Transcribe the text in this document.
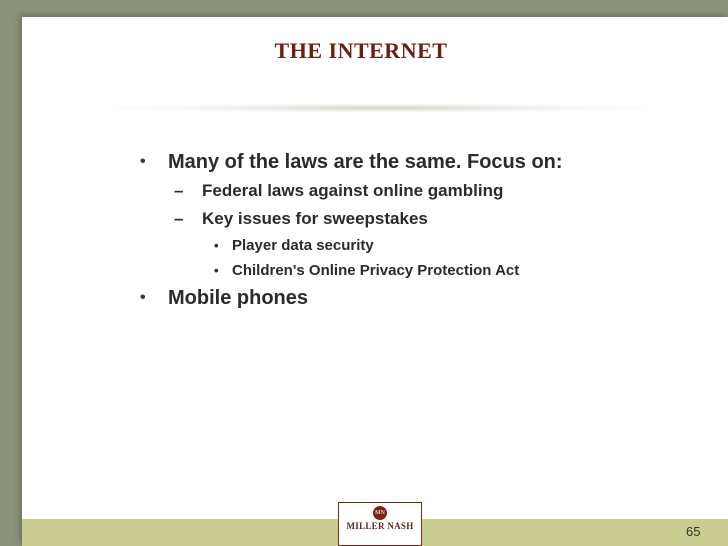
THE INTERNET
• Many of the laws are the same. Focus on:
– Federal laws against online gambling
– Key issues for sweepstakes
• Player data security
• Children's Online Privacy Protection Act
• Mobile phones
MN
MILLER NASH	65
